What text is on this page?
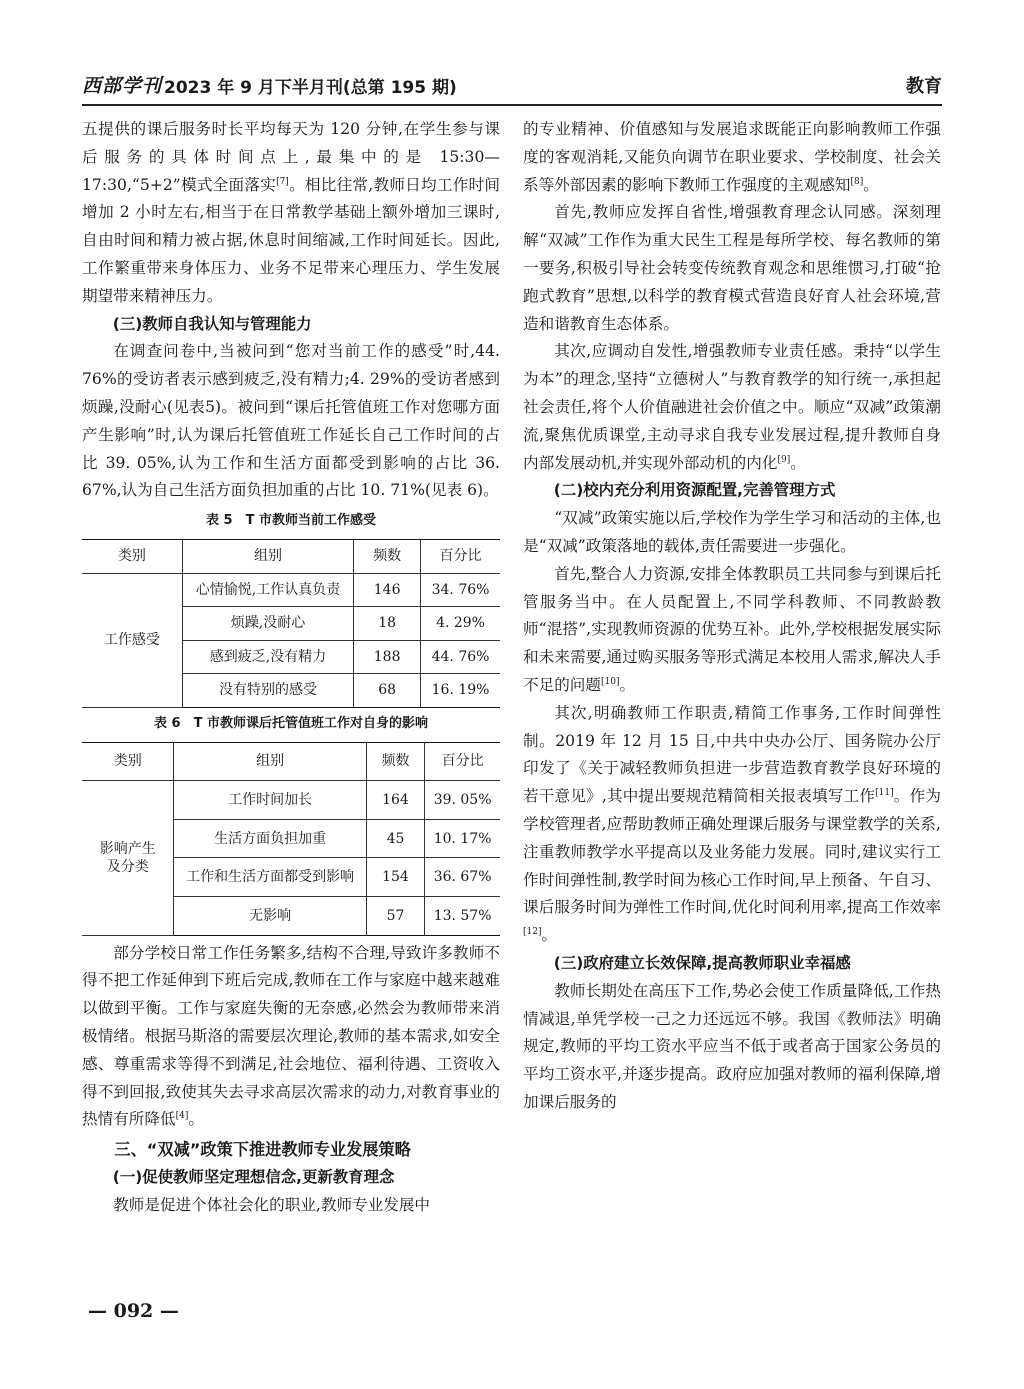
西部学刊 2023 年 9 月下半月刊(总第 195 期)	教育

五提供的课后服务时长平均每天为 120 分钟,在学生参与课后服务的具体时间点上,最集中的是 15:30—17:30,“5+2”模式全面落实[7]。相比往常,教师日均工作时间增加 2 小时左右,相当于在日常教学基础上额外增加三课时,自由时间和精力被占据,休息时间缩减,工作时间延长。因此,工作繁重带来身体压力、业务不足带来心理压力、学生发展期望带来精神压力。

(三)教师自我认知与管理能力

在调查问卷中,当被问到“您对当前工作的感受”时,44. 76%的受访者表示感到疲乏,没有精力;4. 29%的受访者感到烦躁,没耐心(见表5)。被问到“课后托管值班工作对您哪方面产生影响”时,认为课后托管值班工作延长自己工作时间的占比 39. 05%,认为工作和生活方面都受到影响的占比 36. 67%,认为自己生活方面负担加重的占比 10. 71%(见表 6)。

表 5　T 市教师当前工作感受
类别	组别	频数	百分比
工作感受	心情愉悦,工作认真负责	146	34. 76%
	烦躁,没耐心	18	4. 29%
	感到疲乏,没有精力	188	44. 76%
	没有特别的感受	68	16. 19%
表 6　T 市教师课后托管值班工作对自身的影响
类别	组别	频数	百分比
影响产生及分类	工作时间加长	164	39. 05%
	生活方面负担加重	45	10. 17%
	工作和生活方面都受到影响	154	36. 67%
	无影响	57	13. 57%

部分学校日常工作任务繁多,结构不合理,导致许多教师不得不把工作延伸到下班后完成,教师在工作与家庭中越来越难以做到平衡。工作与家庭失衡的无奈感,必然会为教师带来消极情绪。根据马斯洛的需要层次理论,教师的基本需求,如安全感、尊重需求等得不到满足,社会地位、福利待遇、工资收入得不到回报,致使其失去寻求高层次需求的动力,对教育事业的热情有所降低[4]。

三、“双减”政策下推进教师专业发展策略
(一)促使教师坚定理想信念,更新教育理念

教师是促进个体社会化的职业,教师专业发展中

的专业精神、价值感知与发展追求既能正向影响教师工作强度的客观消耗,又能负向调节在职业要求、学校制度、社会关系等外部因素的影响下教师工作强度的主观感知[8]。

首先,教师应发挥自省性,增强教育理念认同感。深刻理解“双减”工作作为重大民生工程是每所学校、每名教师的第一要务,积极引导社会转变传统教育观念和思维惯习,打破“抢跑式教育”思想,以科学的教育模式营造良好育人社会环境,营造和谐教育生态体系。

其次,应调动自发性,增强教师专业责任感。秉持“以学生为本”的理念,坚持“立德树人”与教育教学的知行统一,承担起社会责任,将个人价值融进社会价值之中。顺应“双减”政策潮流,聚焦优质课堂,主动寻求自我专业发展过程,提升教师自身内部发展动机,并实现外部动机的内化[9]。

(二)校内充分利用资源配置,完善管理方式

“双减”政策实施以后,学校作为学生学习和活动的主体,也是“双减”政策落地的载体,责任需要进一步强化。

首先,整合人力资源,安排全体教职员工共同参与到课后托管服务当中。在人员配置上,不同学科教师、不同教龄教师“混搭”,实现教师资源的优势互补。此外,学校根据发展实际和未来需要,通过购买服务等形式满足本校用人需求,解决人手不足的问题[10]。

其次,明确教师工作职责,精简工作事务,工作时间弹性制。2019 年 12 月 15 日,中共中央办公厅、国务院办公厅印发了《关于减轻教师负担进一步营造教育教学良好环境的若干意见》,其中提出要规范精简相关报表填写工作[11]。作为学校管理者,应帮助教师正确处理课后服务与课堂教学的关系,注重教师教学水平提高以及业务能力发展。同时,建议实行工作时间弹性制,教学时间为核心工作时间,早上预备、午自习、课后服务时间为弹性工作时间,优化时间利用率,提高工作效率[12]。

(三)政府建立长效保障,提高教师职业幸福感

教师长期处在高压下工作,势必会使工作质量降低,工作热情减退,单凭学校一己之力还远远不够。我国《教师法》明确规定,教师的平均工资水平应当不低于或者高于国家公务员的平均工资水平,并逐步提高。政府应加强对教师的福利保障,增加课后服务的

— 092 —
